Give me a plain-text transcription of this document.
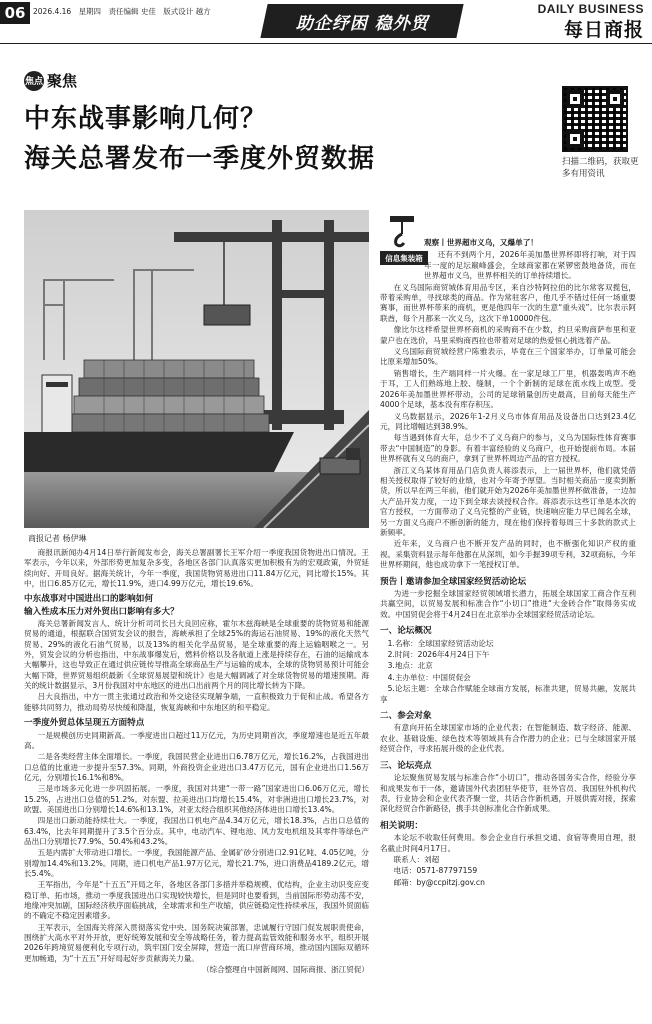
06	2026.4.16 星期四 责任编辑 史佳 版式设计 越方
助企纾困 稳外贸
DAILY BUSINESS
每日商报
焦点 聚焦
中东战事影响几何？
海关总署发布一季度外贸数据	扫描二维码，获取更多有用资讯
商报记者 杨伊琳
信息集装箱

观察丨世界超市义乌，又爆单了！

还有不到两个月，2026年美加墨世界杯即将打响，对于四年一度的足坛巅峰盛会，全球商家都在紧锣密鼓地备货，而在世界超市义乌，世界杯相关的订单持续增长。

在义乌国际商贸城体育用品专区，来自沙特阿拉伯的比尔常客双揽包，带着采购单，寻找球类的商品。作为常驻客户，他几乎不错过任何一场重要赛事，而世界杯带来的商机，更是他四年一次的生意“重头戏”。比尔表示阿联酋，每个月都来一次义乌，这次下单10000件包。

像比尔这样希望世界杯商机的采购商不在少数，约旦采购商萨布里和亚蒙户也在选价，马里采购商西拉也带着对足球的热爱恒心挑选着产品。

义乌国际商贸城经营户陈雅表示，毕竟在三个国家举办，订单量可能会比原来增加50%。

销售增长，生产端同样一片火爆。在一家足球工厂里，机器轰鸣声不绝于耳，工人们熟练地上胶、缝制，一个个新制的足球在流水线上成型。受2026年美加墨世界杯带动，公司的足球销量创历史最高，目前每天能生产4000个足球，基本没有库存积压。

义乌数据显示，2026年1-2月义乌市体育用品及设备出口达到23.4亿元，同比增幅达到38.9%。

每当遇到体育大年，总少不了义乌商户的参与，义乌为国际性体育赛事带去“中国制造”的身影。有着丰富经验的义乌商户，也开始提前布局。本届世界杯就有义乌的商户，拿到了世界杯周边产品的官方授权。

浙江义乌某体育用品门店负责人蒋添表示，上一届世界杯，他们就凭借相关授权取得了较好的业绩，也对今年寄予厚望。当时相关商品一度卖到断货，所以早在两三年前，他们就开始为2026年美加墨世界杯做准备，一边加大产品开发力度，一边下到全球去谈授权合作。蒋添表示这些订单是本次的官方授权，一方面带动了义乌完整的产业链，快速响应能力早已闻名全球，另一方面义乌商户不断创新的能力，现在他们保持着每周三十多款的款式上新频率。

近年来，义乌商户也不断开发产品的同时，也不断强化知识产权的重视。采集资料显示每年他都在从深圳，如今手握39项专利，32项商标，今年世界杯期间，他也成功拿下一笔授权订单。

预告丨邀请参加全球国家经贸活动论坛

为进一步挖掘全球国家经贸领域增长潜力，拓展全球国家工商合作互利共赢空间，以贸易发展和标准合作“小切口”推进“大金砖合作”取得务实成效。中国贸促会将于4月24日在北京举办全球国家经贸活动论坛。

一、论坛概况

1.名称：全球国家经贸活动论坛

2.时间：2026年4月24日下午

3.地点：北京

4.主办单位：中国贸促会

5.论坛主题：全球合作赋能全球南方发展，标准共建，贸易共融，发展共享

二、参会对象

有意向开拓全球国家市场的企业代表；在智能制造、数字经济、能源、农业、基础设施、绿色技术等领域具有合作潜力的企业；已与全球国家开展经贸合作，寻求拓展升级的企业代表。

三、论坛亮点

论坛聚焦贸易发展与标准合作“小切口”，推动各国务实合作，经验分享和成果发布于一体，邀请国外代表团驻华使节，驻外官员、我国驻外机构代表，行业协会和企业代表齐聚一堂，共话合作新机遇，开展供需对接，探索深化经贸合作新路径，携手共创标准化合作新成果。

相关说明：

本论坛不收取任何费用。参会企业自行承担交通、食宿等费用自理，报名截止时间4月17日。

联系人：刘超

电话：0571-87797159

邮箱：by@ccpitzj.gov.cn

商报讯新闻办4月14日举行新闻发布会，海关总署副署长王军介绍一季度我国货物进出口情况。王军表示，今年以来，外部形势更加复杂多变，各地区各部门认真落实更加积极有为的宏观政策，外贸延续向好、开局良好。据海关统计，今年一季度，我国货物贸易进出口11.84万亿元，同比增长15%。其中，出口6.85万亿元，增长11.9%，进口4.99万亿元，增长19.6%。

中东战事对中国进出口的影响如何
输入性成本压力对外贸出口影响有多大？

海关总署新闻发言人、统计分析司司长吕大良回应称，霍尔木兹海峡是全球重要的货物贸易和能源贸易的通道，根据联合国贸发会议的报告，海峡承担了全球25%的海运石油贸易、19%的液化天然气贸易、29%的液化石油气贸易，以及13%的相关化学品贸易，是全球重要的海上运输咽喉之一。另外，贸发会议的分析也指出，中东战事爆发后，燃料价格以及各航道上涨是持续存在，石油的运输成本大幅攀升，这也导致正在通过供应链传导推高全球商品生产与运输的成本，全球的货物贸易预计可能会大幅下降，世界贸易组织最新《全球贸易展望和统计》也是大幅调减了对全球货物贸易的增速预期。海关的统计数据显示，3月份我国对中东地区的进出口出前两个月的同比增长转为下降。

吕大良指出，中方一贯主张通过政治和外交途径实现解争端，一直积极致力于促和止战。希望各方能够共同努力，推动局势尽快缓和降温，恢复海峡和中东地区的和平稳定。

一季度外贸总体呈现五方面特点

一是规模创历史同期新高。一季度进出口超过11万亿元，为历史同期首次，季度增速也是近五年最高。

二是各类经营主体全面增长。一季度，我国民营企业进出口6.78万亿元，增长16.2%，占我国进出口总值的比重进一步提升至57.3%。同期，外商投资企业进出口3.47万亿元，国有企业进出口1.56万亿元，分别增长16.1%和8%。

三是市场多元化进一步巩固拓展。一季度，我国对共建“一带一路”国家进出口6.06万亿元，增长15.2%，占进出口总值的51.2%。对东盟、拉美进出口均增长15.4%，对非洲进出口增长23.7%，对欧盟、美国进出口分别增长14.6%和13.1%，对亚太经合组织其他经济体进出口增长13.4%。

四是出口新动能持续壮大。一季度，我国出口机电产品4.34万亿元，增长18.3%，占出口总值的63.4%，比去年同期提升了3.5个百分点。其中，电动汽车、锂电池、风力发电机组及其零件等绿色产品出口分别增长77.9%、50.4%和43.2%。

五是内需扩大带动进口增长。一季度，我国能源产品、金属矿砂分别进口2.91亿吨、4.05亿吨，分别增加14.4%和13.2%。同期，进口机电产品1.97万亿元，增长21.7%，进口消费品4189.2亿元，增长5.4%。

王军指出，今年是“十五五”开局之年，各地区各部门多措并举稳规模、优结构，企业主动识变应变稳订单、拓市场，推动一季度我国进出口实现较快增长，但是同时也要看到，当前国际形势动荡不安，地缘冲突加剧，国际经济秩序面临挑战，全球需求和生产收缩，供应链稳定性持续承压，我国外贸面临的不确定不稳定因素增多。

王军表示，全国海关将深入贯彻落实党中央、国务院决策部署，忠诚履行守国门促发展职责使命，围绕扩大高水平对外开放，更好统筹发展和安全等战略任务，着力提高监管效能和服务水平，组织开展2026年跨境贸易便利化专项行动，筑牢国门安全屏障，营造一流口岸营商环境，推动国内国际双循环更加畅通，为“十五五”开好局起好步贡献海关力量。

（综合整理自中国新闻网、国际商报、浙江贸促）
